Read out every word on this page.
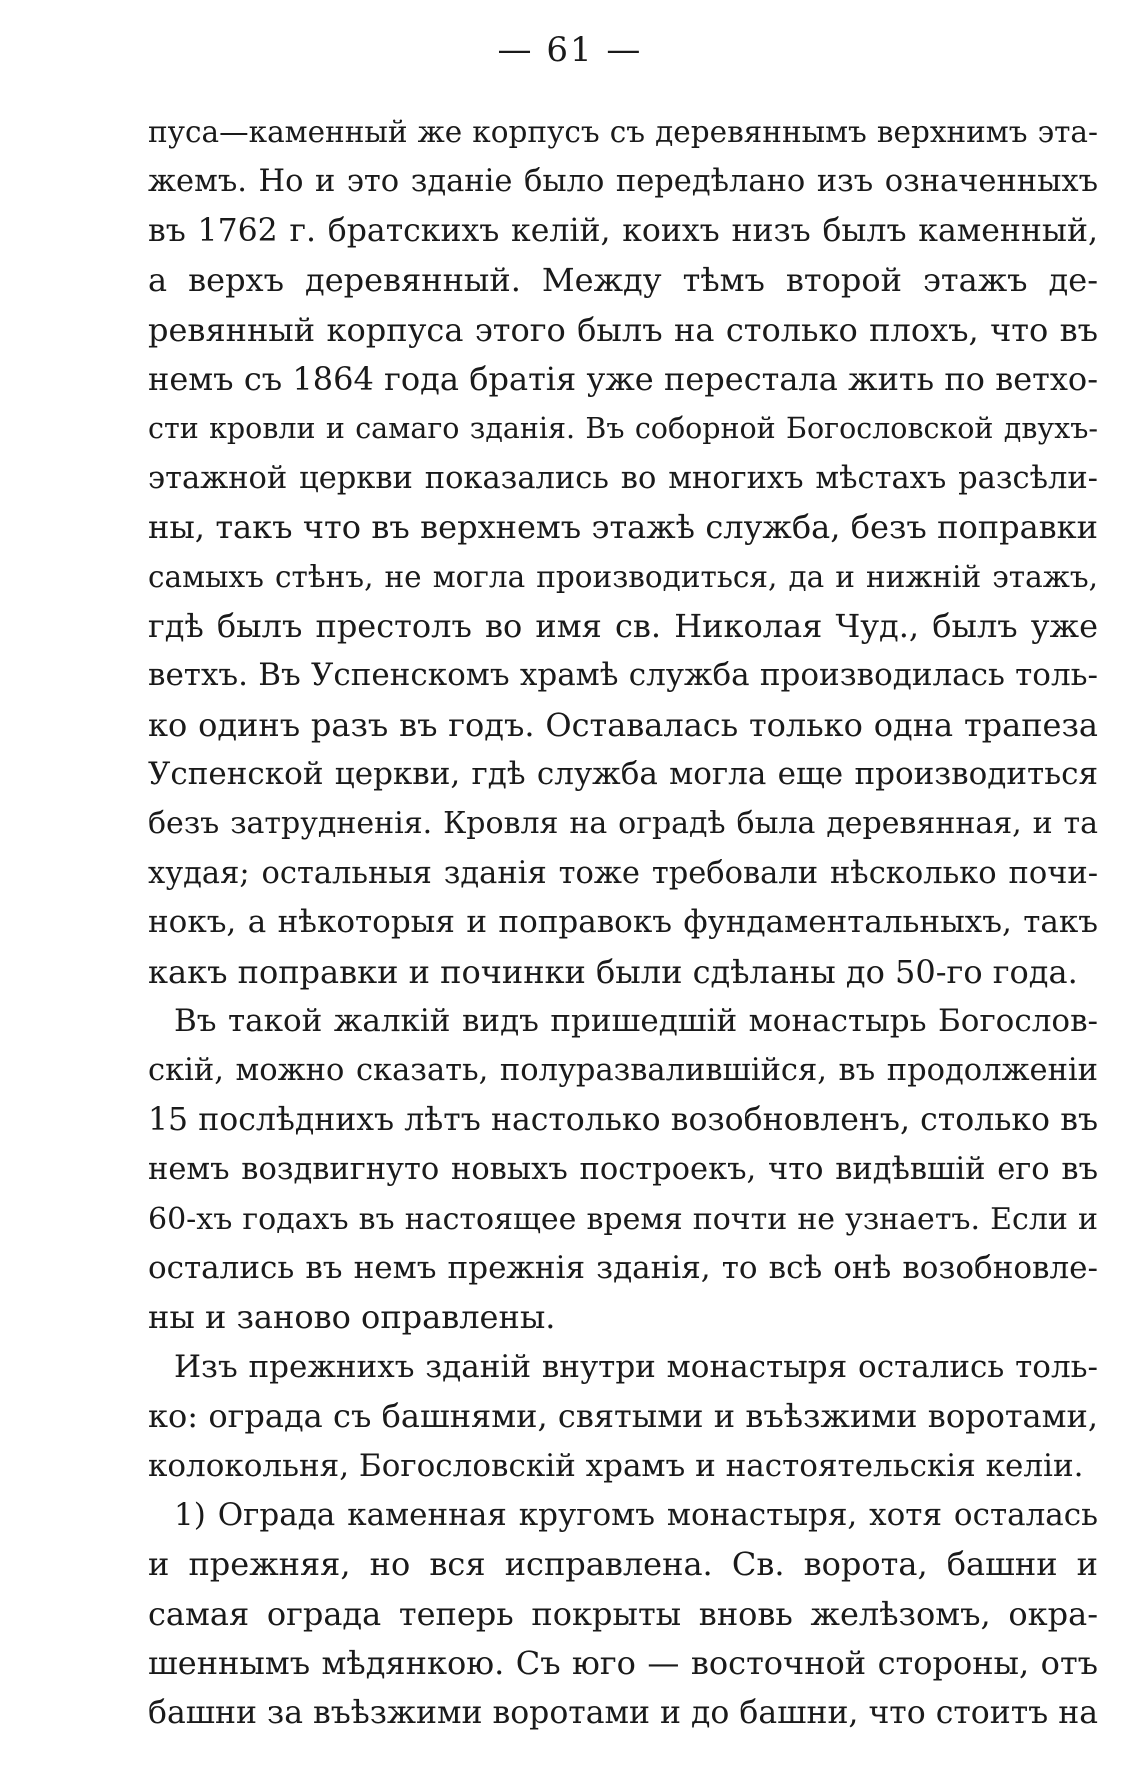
— 61 —
пуса—каменный же корпусъ съ деревяннымъ верхнимъ эта-
жемъ. Но и это зданіе было передѣлано изъ означенныхъ
въ 1762 г. братскихъ келій, коихъ низъ былъ каменный,
а верхъ деревянный. Между тѣмъ второй этажъ де-
ревянный корпуса этого былъ на столько плохъ, что въ
немъ съ 1864 года братія уже перестала жить по ветхо-
сти кровли и самаго зданія. Въ соборной Богословской двухъ-
этажной церкви показались во многихъ мѣстахъ разсѣли-
ны, такъ что въ верхнемъ этажѣ служба, безъ поправки
самыхъ стѣнъ, не могла производиться, да и нижній этажъ,
гдѣ былъ престолъ во имя св. Николая Чуд., былъ уже
ветхъ. Въ Успенскомъ храмѣ служба производилась толь-
ко одинъ разъ въ годъ. Оставалась только одна трапеза
Успенской церкви, гдѣ служба могла еще производиться
безъ затрудненія. Кровля на оградѣ была деревянная, и та
худая; остальныя зданія тоже требовали нѣсколько почи-
нокъ, а нѣкоторыя и поправокъ фундаментальныхъ, такъ
какъ поправки и починки были сдѣланы до 50-го года.
Въ такой жалкій видъ пришедшій монастырь Богослов-
скій, можно сказать, полуразвалившійся, въ продолженіи
15 послѣднихъ лѣтъ настолько возобновленъ, столько въ
немъ воздвигнуто новыхъ построекъ, что видѣвшій его въ
60-хъ годахъ въ настоящее время почти не узнаетъ. Если и
остались въ немъ прежнія зданія, то всѣ онѣ возобновле-
ны и заново оправлены.
Изъ прежнихъ зданій внутри монастыря остались толь-
ко: ограда съ башнями, святыми и въѣзжими воротами,
колокольня, Богословскій храмъ и настоятельскія келіи.
1) Ограда каменная кругомъ монастыря, хотя осталась
и прежняя, но вся исправлена. Св. ворота, башни и
самая ограда теперь покрыты вновь желѣзомъ, окра-
шеннымъ мѣдянкою. Съ юго — восточной стороны, отъ
башни за въѣзжими воротами и до башни, что стоитъ на
